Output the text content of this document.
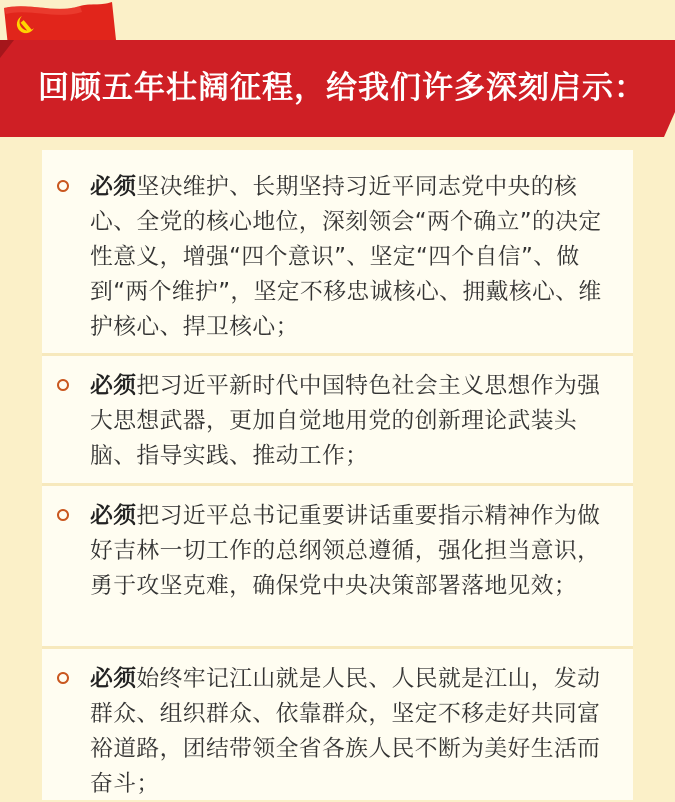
回顾五年壮阔征程，给我们许多深刻启示：

必须坚决维护、长期坚持习近平同志党中央的核心、全党的核心地位，深刻领会“两个确立”的决定性意义，增强“四个意识”、坚定“四个自信”、做到“两个维护”，坚定不移忠诚核心、拥戴核心、维护核心、捍卫核心；

必须把习近平新时代中国特色社会主义思想作为强大思想武器，更加自觉地用党的创新理论武装头脑、指导实践、推动工作；

必须把习近平总书记重要讲话重要指示精神作为做好吉林一切工作的总纲领总遵循，强化担当意识，勇于攻坚克难，确保党中央决策部署落地见效；

必须始终牢记江山就是人民、人民就是江山，发动群众、组织群众、依靠群众，坚定不移走好共同富裕道路，团结带领全省各族人民不断为美好生活而奋斗；
